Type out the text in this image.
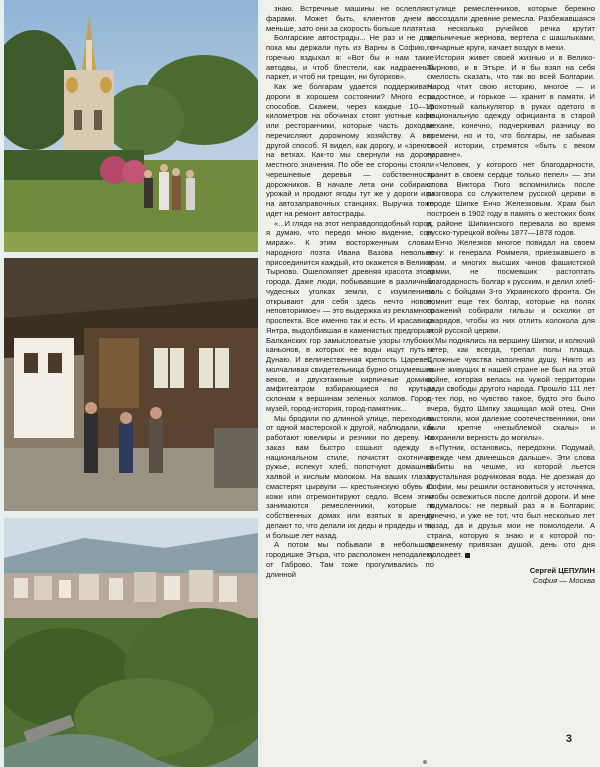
знаю. Встречные машины не ослепляют фарами. Может быть, клиентов днем и меньше, зато они за скорость больше платят...

Болгарские автострады... Не раз и не два, пока мы держали путь из Варны в Софию, с горечью вздыхал я: «Вот бы и нам такие автодвы, и чтоб блестели, как надраенный паркет, и чтоб ни трещин, ни бугорков».

Как же болгарам удается поддерживать дороги в хорошем состоянии? Много есть способов. Скажем, через каждые 10—15 километров на обочинах стоят уютные кафе или ресторанчики, которые часть доходов перечисляют дорожному хозяйству. А вот другой способ. Я видел, как дорогу, и «зреют» на ветках. Как-то мы свернули на дорогу местного значения. По обе ее стороны стояли черешневые деревья — собственность дорожников. В начале лета они собирают урожай и продают ягоды тут же у дороги или на автозаправочных станциях. Выручка тоже идет на ремонт автострады.

«...И глядя на этот неправдоподобный город, я думаю, что передо мною видение, сон, мираж». К этим восторженным словам народного поэта Ивана Вазова невольно присоединится каждый, кто окажется в Велико-Тырново. Ошеломляет древняя красота этого города. Даже люди, побывавшие в различных чудесных уголках земли, с изумлением открывают для себя здесь нечто новое, неповторимое» — это выдержка из рекламного проспекта. Все именно так и есть. И красавица Янтра, выдолбившая в каменистых предгорьях Балканских гор замысловатые узоры глубоких каньонов, в которых ее воды ищут путь к Дунаю. И величественная крепость Царевец, молчаливая свидетельница бурно отшумевших веков, и двухэтажные кирпичные домики, амфитеатром взбирающиеся по крутым склонам к вершинам зеленых холмов. Город-музей, город-история, город-памятник...

Мы бродили по длинной улице, переходили от одной мастерской к другой, наблюдали, как работают ювелиры и резчики по дереву. На заказ вам быстро сошьют одежду в национальном стиле, почистят охотничье ружье, испекут хлеб, попотчуют домашней халвой и кислым молоком. На ваших глазах смастерят цырвули — крестьянскую обувь из кожи или отремонтируют седло. Всем этим занимаются ремесленники, которые в собственных домах или взятых в аренду делают то, что делали их деды и прадеды и то, и больше лет назад.

А потом мы побывали в небольшом городишке Этъра, что расположен неподалеку от Габрово. Там тоже прогуливались по длинной

улице ремесленников, которые бережно воссоздали древние ремесла. Разбежавшаяся на несколько ручейков речка крутит мельничные жернова, вертела с шашлыками, гончарные круги, качает воздух в мехи.

История живет своей жизнью и в Велико-Тырново, и в Этъре. И я бы взял на себя смелость сказать, что так во всей Болгарии. Народ чтит свою историю, многое — и радостное, и горькое — хранит в памяти. И крохотный калькулятор в руках одетого в национальную одежду официанта в старой механе, конечно, подчеркивал разницу во времени, но и то, что болгары, не забывая своей истории, стремятся «быть с веком наравне».

«Человек, у которого нет благодарности, хранит в своем сердце только пепел» — эти слова Виктора Гюго вспомнились после разговора со служителем русской церкви в городе Шипке Енчо Железковым. Храм был построен в 1902 году в память о жестоких боях в районе Шипкинского перевала во время русско-турецкой войны 1877—1878 годов.

Енчо Железков многое повидал на своем веку: и генерала Роммеля, приезжавшего в храм, и многих высших чинов фашистской армии, не посмевших растоптать благодарность болгар к русским, и делил хлеб-соль с бойцами 3-го Украинского фронта. Он помнит еще тех болгар, которые на полях сражений собирали гильзы и осколки от снарядов, чтобы из них отлить колокола для этой русской церкви.

Мы поднялись на вершину Шипки, и колючий ветер, как всегда, трепал полы плаща. Сложные чувства наполняли душу. Никто из ныне живущих в нашей стране не был на этой войне, которая велась на чужой территории ради свободы другого народа. Прошло 111 лет с тех пор, но чувство такое, будто это было вчера, будто Шипку защищал мой отец. Они выстояли, мои далекие соотечественники, они были крепче «незыблемой скалы» и сохранили верность до могилы».

«Путник, остановись, передохни. Подумай, прежде чем двинешься дальше». Эти слова выбиты на чешме, из которой льется хрустальная родниковая вода. Не доезжая до Софии, мы решили остановиться у источника, чтобы освежиться после долгой дороги. И мне подумалось: не первый раз я в Болгарии; конечно, и уже не тот, что был несколько лет назад, да и друзья мои не помолодели. А страна, которую я знаю и к которой по-прежнему привязан душой, день ото дня молодеет.

Сергей ЦЕПУЛИН
София — Москва
3
